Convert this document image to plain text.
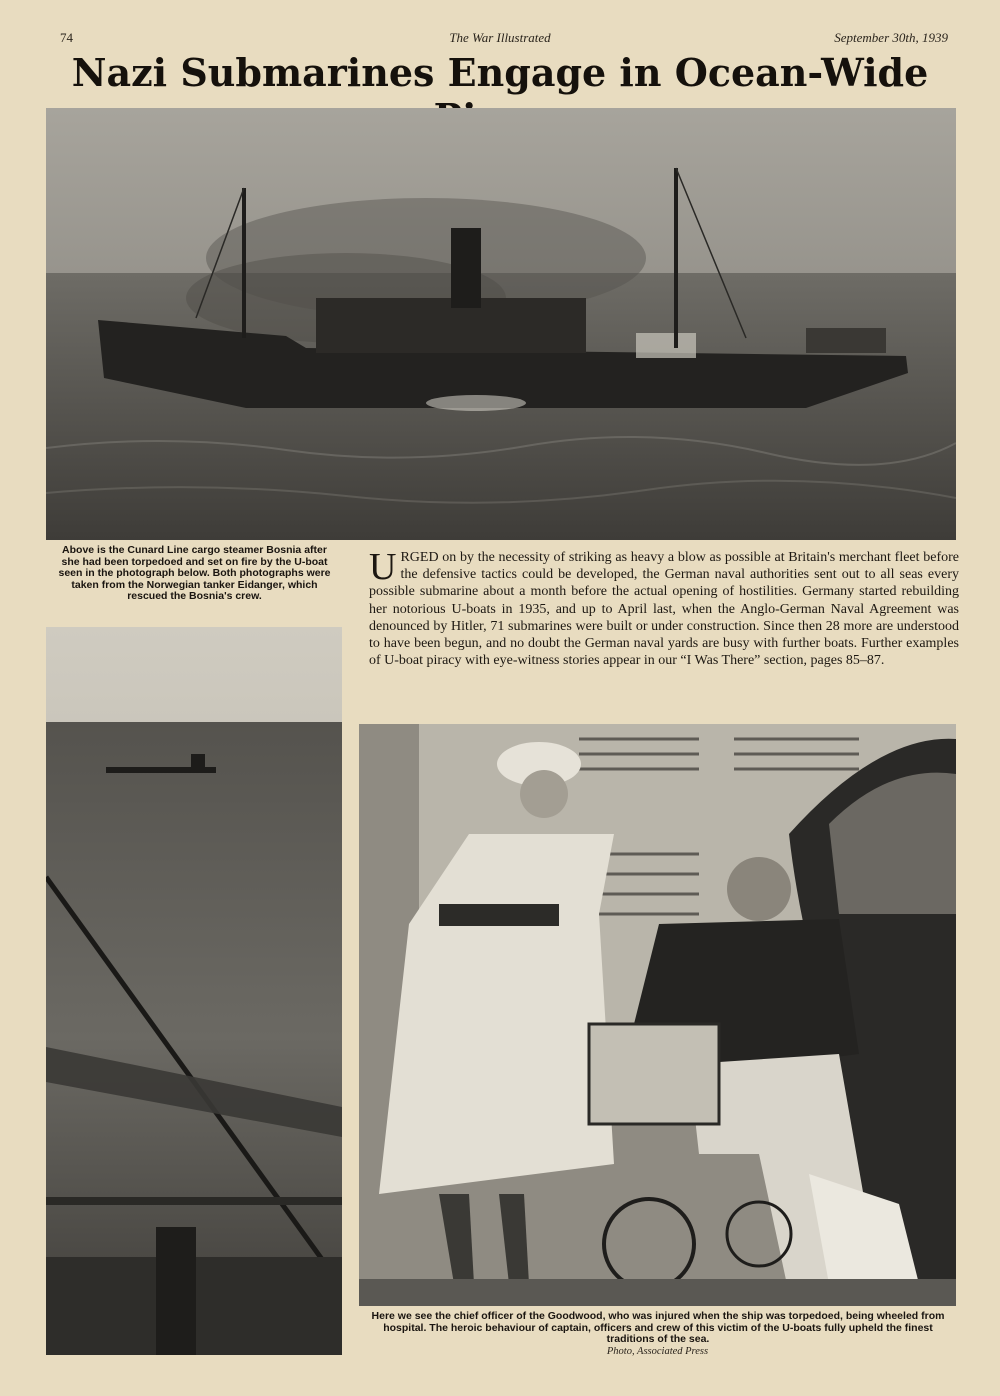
74	The War Illustrated	September 30th, 1939
Nazi Submarines Engage in Ocean-Wide
Above is the Cunard Line cargo steamer Bosnia after she had been torpedoed and set on fire by the U-boat seen in the photograph below. Both photographs were taken from the Norwegian tanker Eidanger, which rescued the Bosnia's crew.
URGED on by the necessity of striking as heavy a blow as possible at Britain's merchant fleet before the defensive tactics could be developed, the German naval authorities sent out to all seas every possible submarine about a month before the actual opening of hostilities. Germany started rebuilding her notorious U-boats in 1935, and up to April last, when the Anglo-German Naval Agreement was denounced by Hitler, 71 submarines were built or under construction. Since then 28 more are understood to have been begun, and no doubt the German naval yards are busy with further boats. Further examples of U-boat piracy with eye-witness stories appear in our “I Was There” section, pages 85–87.
Here we see the chief officer of the Goodwood, who was injured when the ship was torpedoed, being wheeled from hospital. The heroic behaviour of captain, officers and crew of this victim of the U-boats fully upheld the finest traditions of the sea.
Photo, Associated Press
